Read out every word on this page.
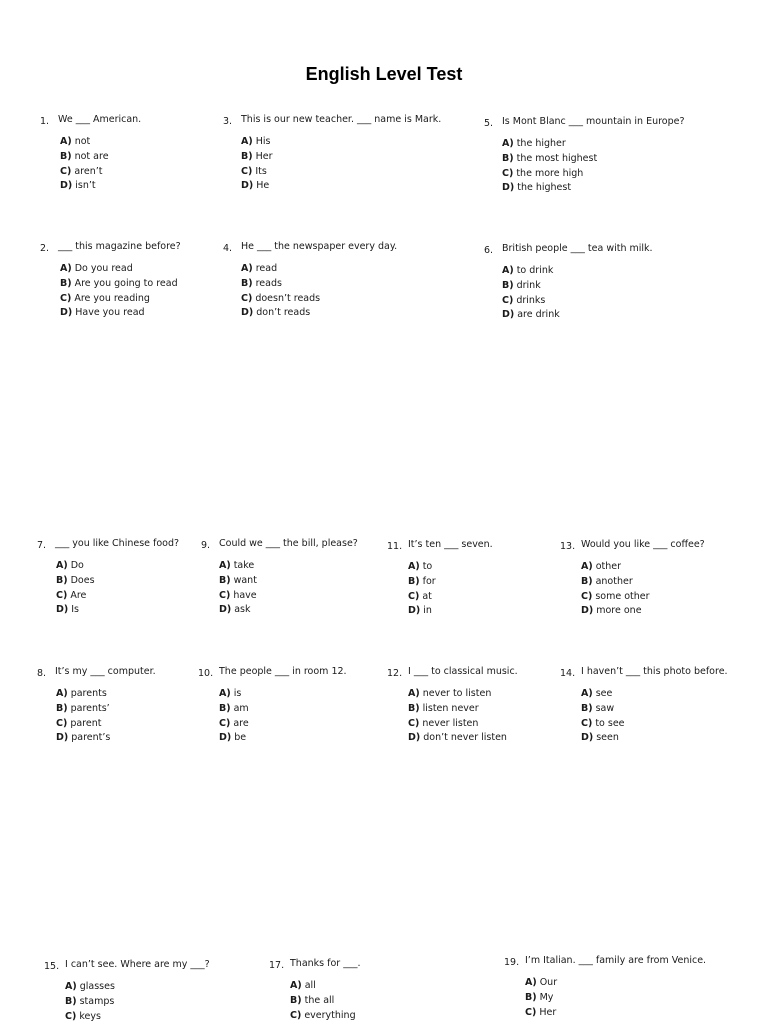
English Level Test
1. We ___ American.
A) not
B) not are
C) aren’t
D) isn’t
3. This is our new teacher. ___ name is Mark.
A) His
B) Her
C) Its
D) He
5. Is Mont Blanc ___ mountain in Europe?
A) the higher
B) the most highest
C) the more high
D) the highest
2. ___ this magazine before?
A) Do you read
B) Are you going to read
C) Are you reading
D) Have you read
4. He ___ the newspaper every day.
A) read
B) reads
C) doesn’t reads
D) don’t reads
6. British people ___ tea with milk.
A) to drink
B) drink
C) drinks
D) are drink
7. ___ you like Chinese food?
A) Do
B) Does
C) Are
D) Is
9. Could we ___ the bill, please?
A) take
B) want
C) have
D) ask
11. It’s ten ___ seven.
A) to
B) for
C) at
D) in
13. Would you like ___ coffee?
A) other
B) another
C) some other
D) more one
8. It’s my ___ computer.
A) parents
B) parents’
C) parent
D) parent’s
10. The people ___ in room 12.
A) is
B) am
C) are
D) be
12. I ___ to classical music.
A) never to listen
B) listen never
C) never listen
D) don’t never listen
14. I haven’t ___ this photo before.
A) see
B) saw
C) to see
D) seen
15. I can’t see. Where are my ___?
A) glasses
B) stamps
C) keys
17. Thanks for ___.
A) all
B) the all
C) everything
19. I’m Italian. ___ family are from Venice.
A) Our
B) My
C) Her
